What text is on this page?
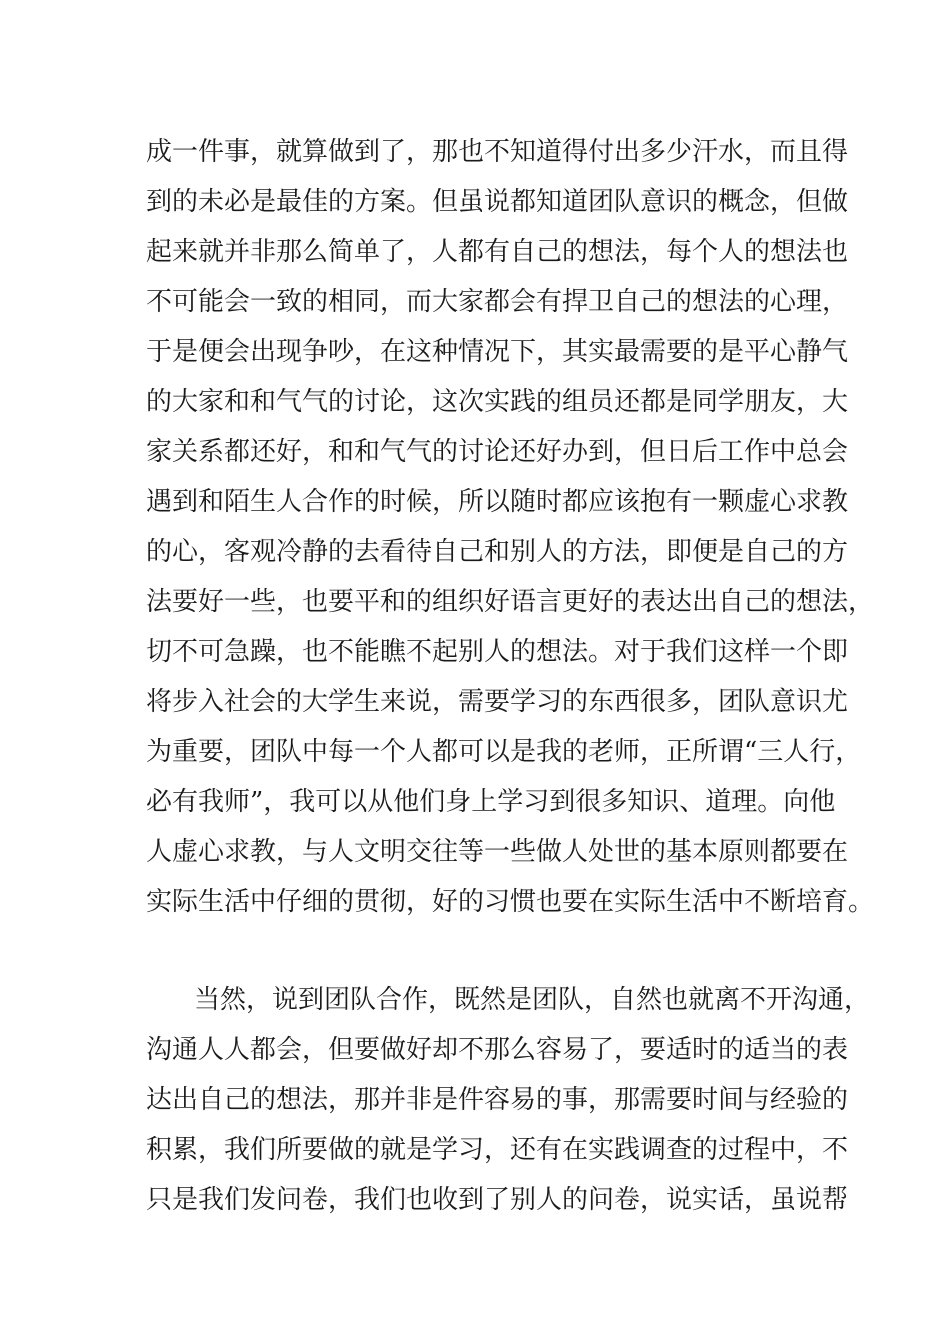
成一件事，就算做到了，那也不知道得付出多少汗水，而且得
到的未必是最佳的方案。但虽说都知道团队意识的概念，但做
起来就并非那么简单了，人都有自己的想法，每个人的想法也
不可能会一致的相同，而大家都会有捍卫自己的想法的心理，
于是便会出现争吵，在这种情况下，其实最需要的是平心静气
的大家和和气气的讨论，这次实践的组员还都是同学朋友，大
家关系都还好，和和气气的讨论还好办到，但日后工作中总会
遇到和陌生人合作的时候，所以随时都应该抱有一颗虚心求教
的心，客观冷静的去看待自己和别人的方法，即便是自己的方
法要好一些，也要平和的组织好语言更好的表达出自己的想法，
切不可急躁，也不能瞧不起别人的想法。对于我们这样一个即
将步入社会的大学生来说，需要学习的东西很多，团队意识尤
为重要，团队中每一个人都可以是我的老师，正所谓“三人行，
必有我师”，我可以从他们身上学习到很多知识、道理。向他
人虚心求教，与人文明交往等一些做人处世的基本原则都要在
实际生活中仔细的贯彻，好的习惯也要在实际生活中不断培育。
当然，说到团队合作，既然是团队，自然也就离不开沟通，
沟通人人都会，但要做好却不那么容易了，要适时的适当的表
达出自己的想法，那并非是件容易的事，那需要时间与经验的
积累，我们所要做的就是学习，还有在实践调查的过程中，不
只是我们发问卷，我们也收到了别人的问卷，说实话，虽说帮
